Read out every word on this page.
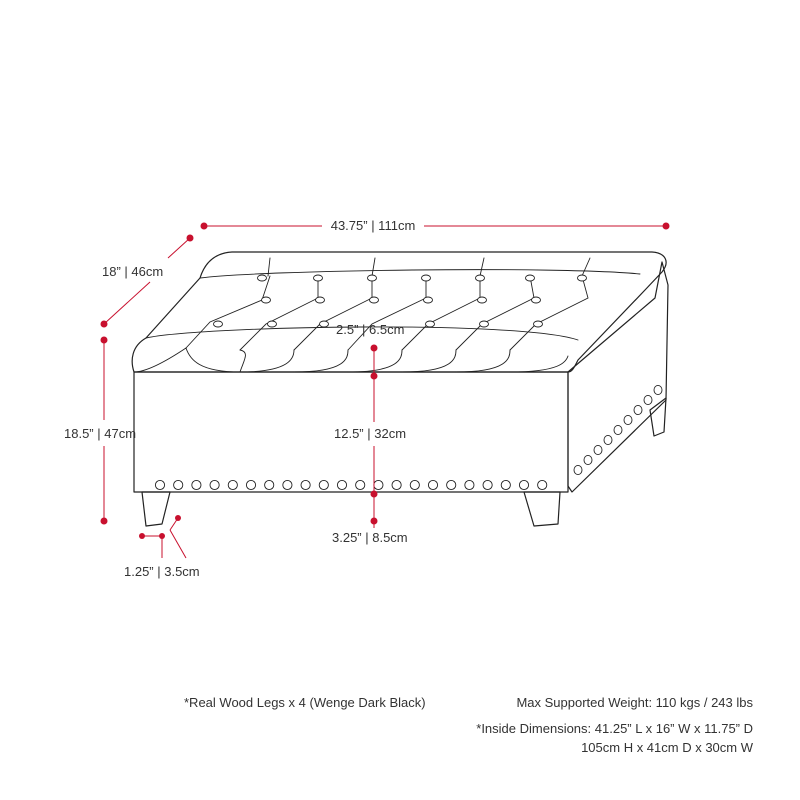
43.75” | 111cm
18” | 46cm
18.5” | 47cm
2.5” | 6.5cm
12.5” | 32cm
3.25” | 8.5cm
1.25” | 3.5cm
*Real Wood Legs x 4 (Wenge Dark Black)	Max Supported Weight: 110 kgs / 243 lbs
*Inside Dimensions: 41.25” L x 16” W x 11.75” D
105cm H x 41cm D x 30cm W
